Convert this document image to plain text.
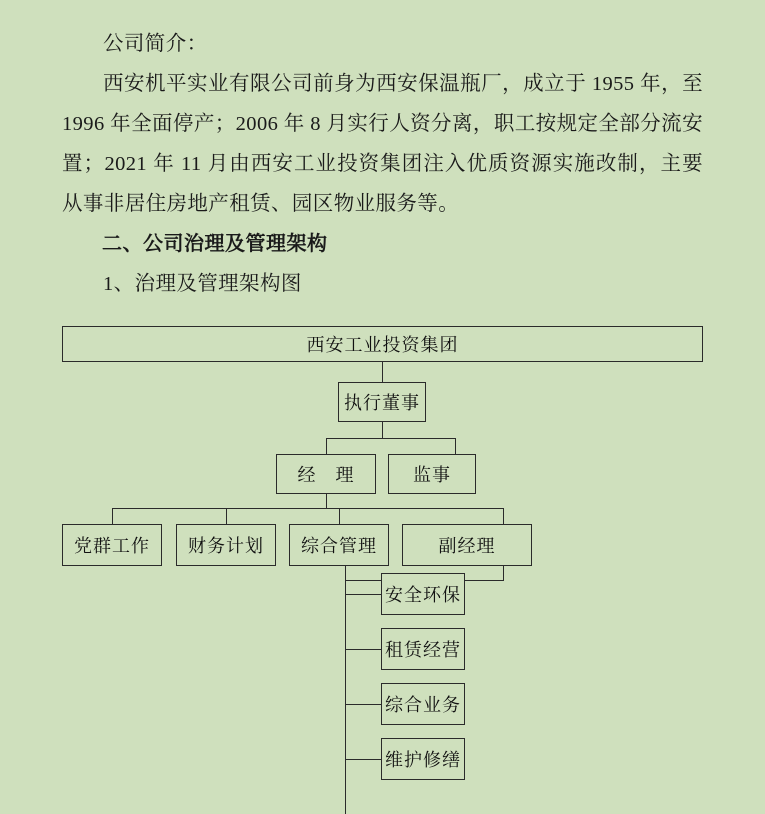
公司简介：

西安机平实业有限公司前身为西安保温瓶厂，成立于 1955 年，至 1996 年全面停产；2006 年 8 月实行人资分离，职工按规定全部分流安置；2021 年 11 月由西安工业投资集团注入优质资源实施改制，主要从事非居住房地产租赁、园区物业服务等。

二、公司治理及管理架构

1、治理及管理架构图

西安工业投资集团
执行董事
经　理	监事
党群工作	财务计划	综合管理	副经理
安全环保
租赁经营
综合业务
维护修缮
